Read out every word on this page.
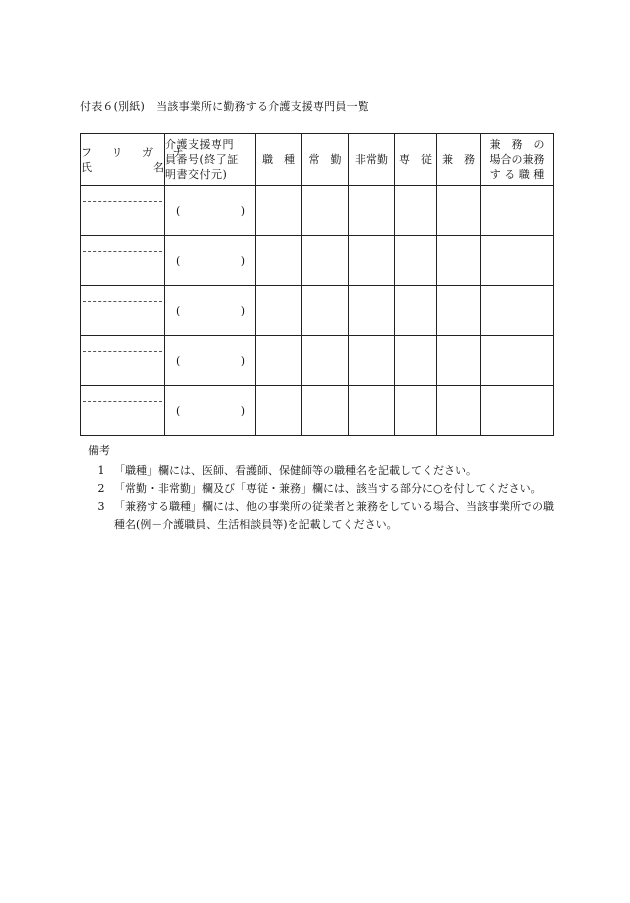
付表６(別紙)　当該事業所に勤務する介護支援専門員一覧
フ リ ガ ナ
氏 名	介護支援専門
員番号(終了証
明書交付元)	職　種	常　勤	非常勤	専　従	兼　務	兼　務　の
場合の兼務
す る 職 種

	( )						

	( )						

	( )						

	( )						

	( )						

備考
1 「職種」欄には、医師、看護師、保健師等の職種名を記載してください。
2 「常勤・非常勤」欄及び「専従・兼務」欄には、該当する部分に○を付してください。
3 「兼務する職種」欄には、他の事業所の従業者と兼務をしている場合、当該事業所での職種名(例－介護職員、生活相談員等)を記載してください。
